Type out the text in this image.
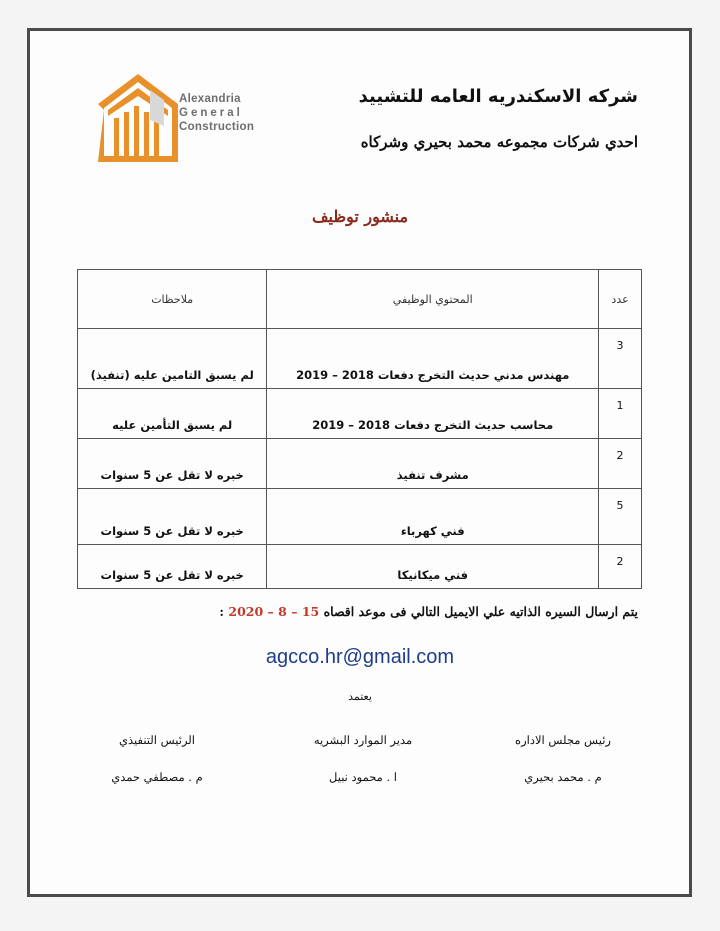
Alexandria
General
Construction
شركه الاسكندريه العامه للتشييد
احدي شركات مجموعه محمد بحيري وشركاه
منشور توظيف
عدد	المحتوي الوظيفي	ملاحظات
3	مهندس مدني حديث التخرج دفعات 2018 – 2019	لم يسبق التامين عليه (تنفيذ)
1	محاسب حديث التخرج دفعات 2018 – 2019	لم يسبق التأمين عليه
2	مشرف تنفيذ	خبره لا تقل عن 5 سنوات
5	فني كهرباء	خبره لا تقل عن 5 سنوات
2	فني ميكانيكا	خبره لا تقل عن 5 سنوات
يتم ارسال السيره الذاتيه علي الايميل التالي فى موعد اقصاه 15 – 8 – 2020 :
agcco.hr@gmail.com
يعتمد
رئيس مجلس الاداره
مدير الموارد البشريه
الرئيس التنفيذي
م . محمد بحيري
ا . محمود نبيل
م . مصطفي حمدي
